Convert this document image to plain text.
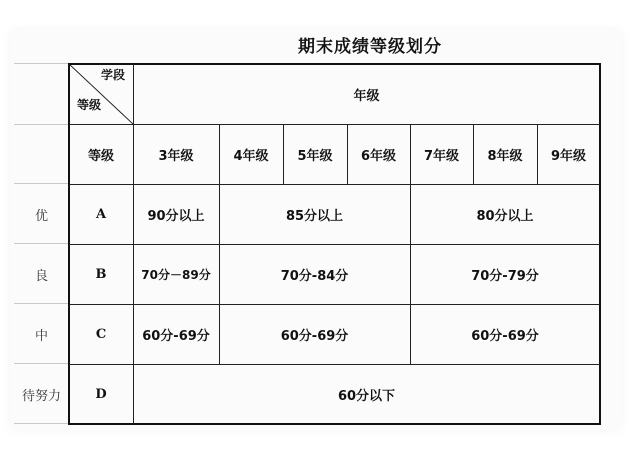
期末成绩等级划分
学段
等级
年级
等级	3年级	4年级	5年级	6年级	7年级	8年级	9年级
优	A	90分以上	85分以上	80分以上
良	B	70分－89分	70分-84分	70分-79分
中	C	60分-69分	60分-69分	60分-69分
待努力	D	60分以下
